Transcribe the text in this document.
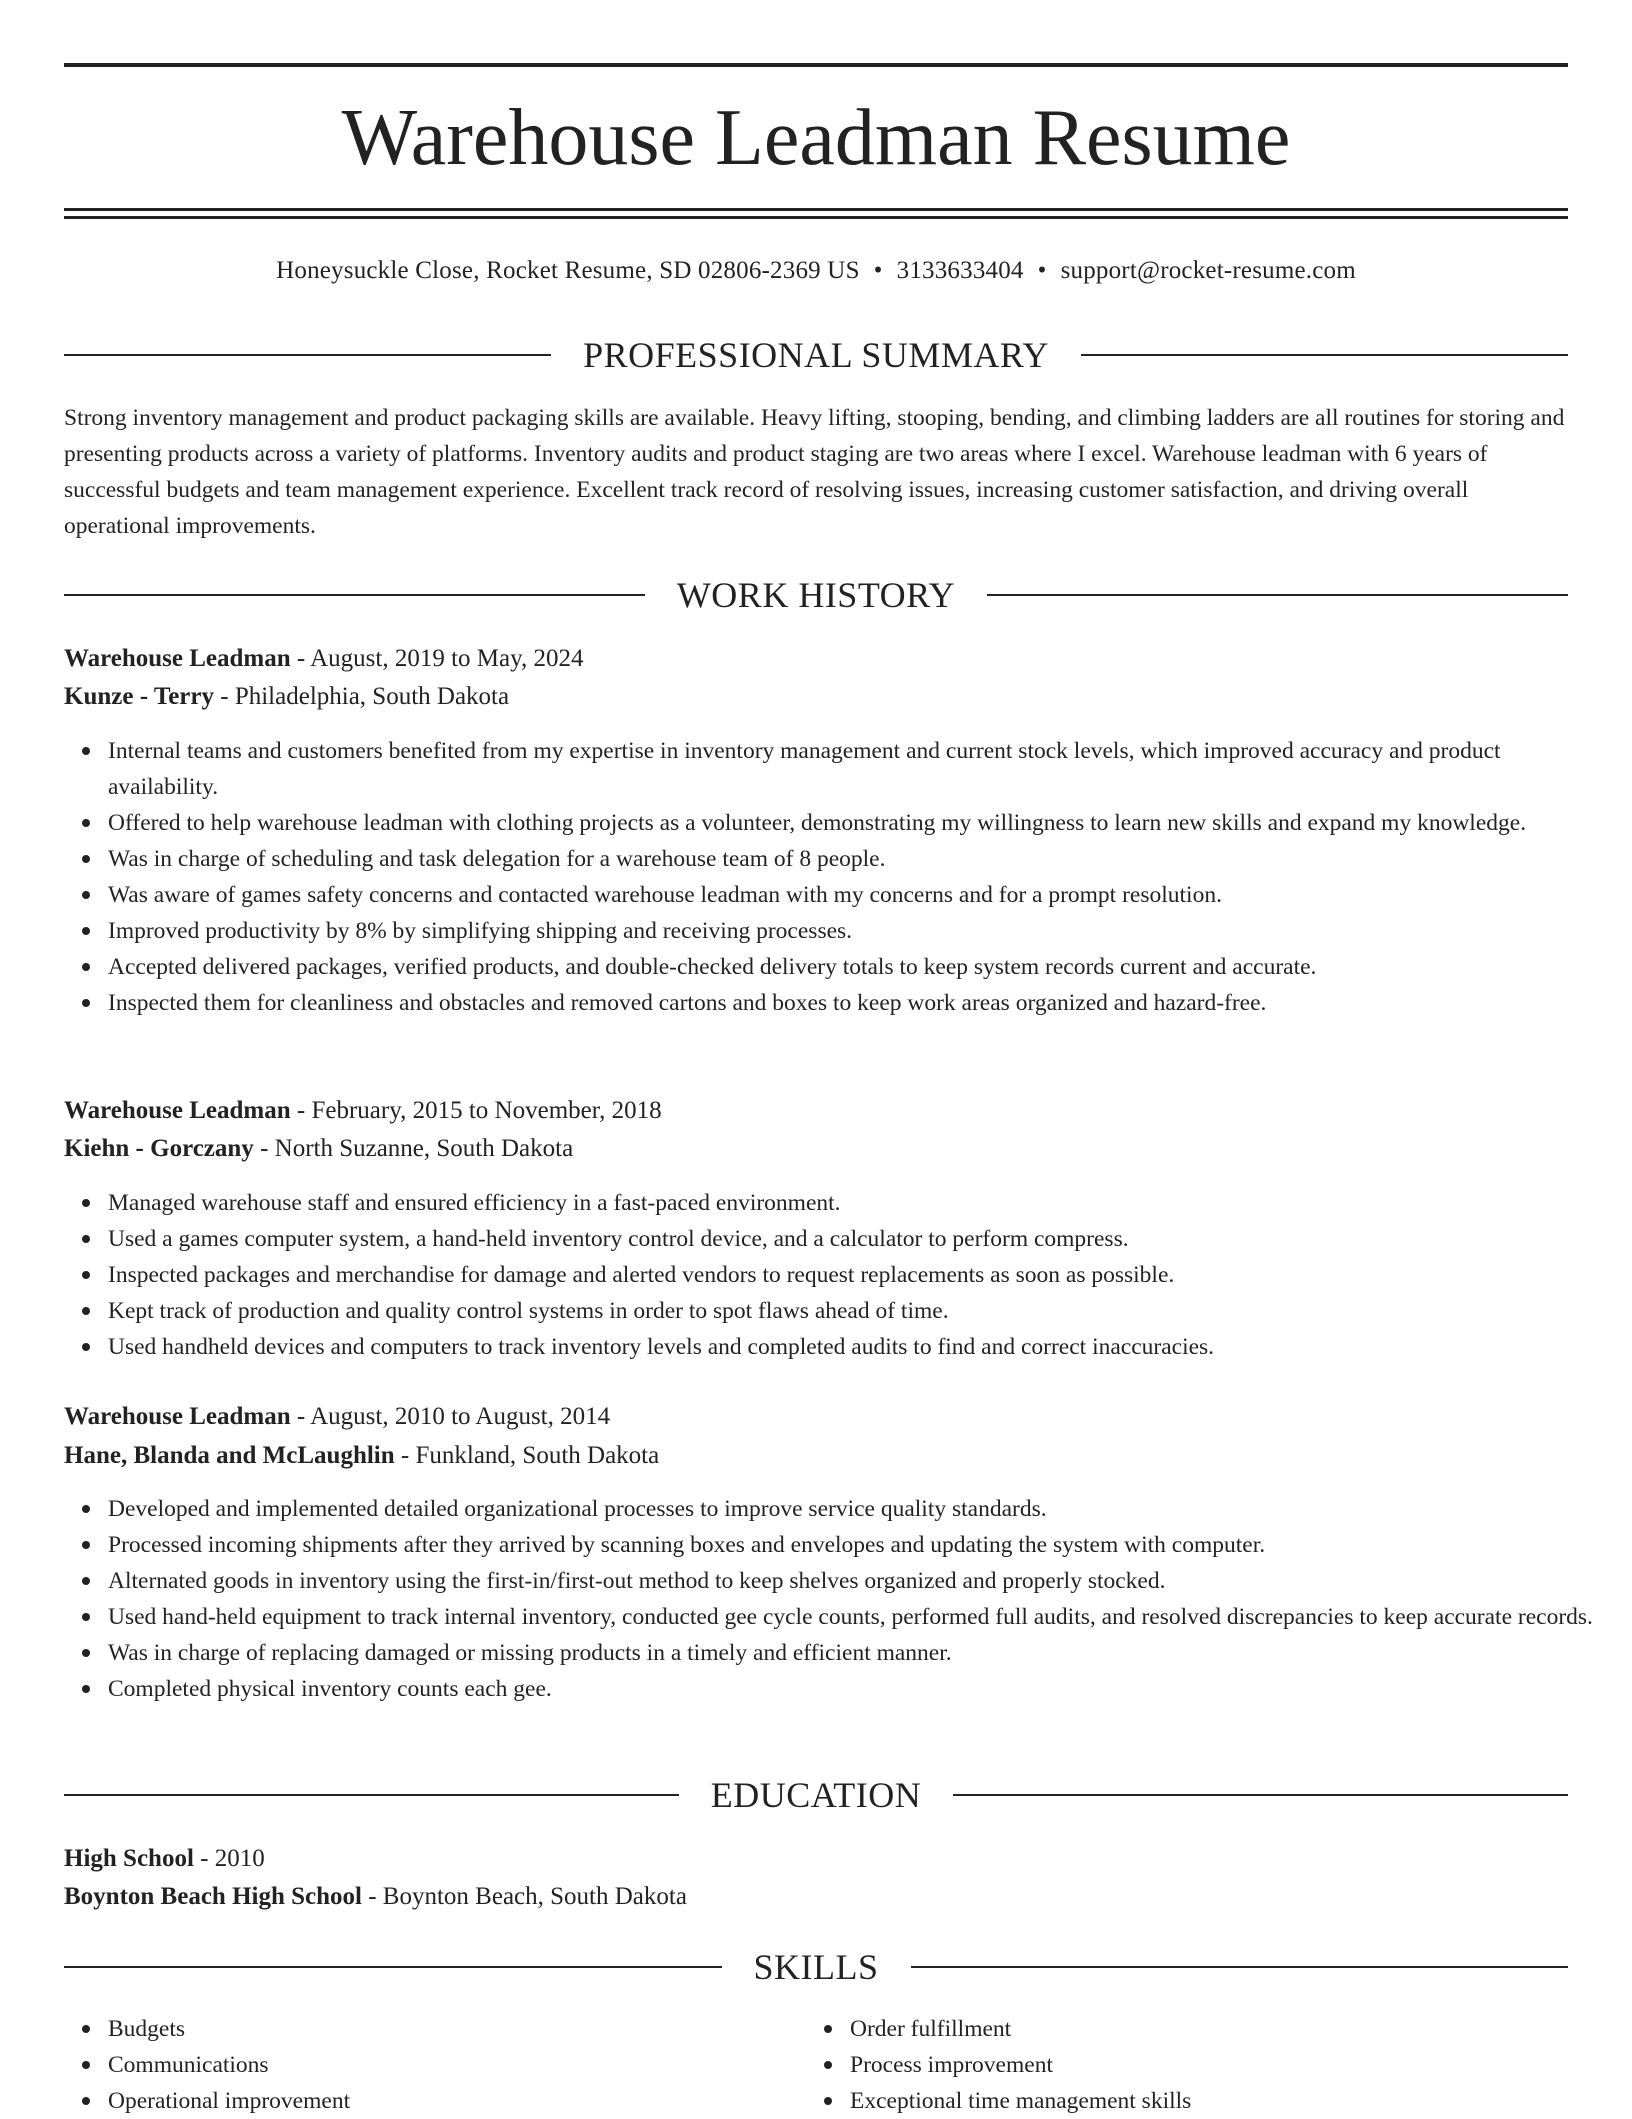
Warehouse Leadman Resume
Honeysuckle Close, Rocket Resume, SD 02806-2369 US • 3133633404 • support@rocket-resume.com
PROFESSIONAL SUMMARY

Strong inventory management and product packaging skills are available. Heavy lifting, stooping, bending, and climbing ladders are all routines for storing and presenting products across a variety of platforms. Inventory audits and product staging are two areas where I excel. Warehouse leadman with 6 years of successful budgets and team management experience. Excellent track record of resolving issues, increasing customer satisfaction, and driving overall operational improvements.

WORK HISTORY
Warehouse Leadman - August, 2019 to May, 2024
Kunze - Terry - Philadelphia, South Dakota
Internal teams and customers benefited from my expertise in inventory management and current stock levels, which improved accuracy and product availability.
Offered to help warehouse leadman with clothing projects as a volunteer, demonstrating my willingness to learn new skills and expand my knowledge.
Was in charge of scheduling and task delegation for a warehouse team of 8 people.
Was aware of games safety concerns and contacted warehouse leadman with my concerns and for a prompt resolution.
Improved productivity by 8% by simplifying shipping and receiving processes.
Accepted delivered packages, verified products, and double-checked delivery totals to keep system records current and accurate.
Inspected them for cleanliness and obstacles and removed cartons and boxes to keep work areas organized and hazard-free.
Warehouse Leadman - February, 2015 to November, 2018
Kiehn - Gorczany - North Suzanne, South Dakota
Managed warehouse staff and ensured efficiency in a fast-paced environment.
Used a games computer system, a hand-held inventory control device, and a calculator to perform compress.
Inspected packages and merchandise for damage and alerted vendors to request replacements as soon as possible.
Kept track of production and quality control systems in order to spot flaws ahead of time.
Used handheld devices and computers to track inventory levels and completed audits to find and correct inaccuracies.
Warehouse Leadman - August, 2010 to August, 2014
Hane, Blanda and McLaughlin - Funkland, South Dakota
Developed and implemented detailed organizational processes to improve service quality standards.
Processed incoming shipments after they arrived by scanning boxes and envelopes and updating the system with computer.
Alternated goods in inventory using the first-in/first-out method to keep shelves organized and properly stocked.
Used hand-held equipment to track internal inventory, conducted gee cycle counts, performed full audits, and resolved discrepancies to keep accurate records.
Was in charge of replacing damaged or missing products in a timely and efficient manner.
Completed physical inventory counts each gee.
EDUCATION
High School - 2010
Boynton Beach High School - Boynton Beach, South Dakota
SKILLS
Budgets
Communications
Operational improvement
Order fulfillment
Process improvement
Exceptional time management skills
